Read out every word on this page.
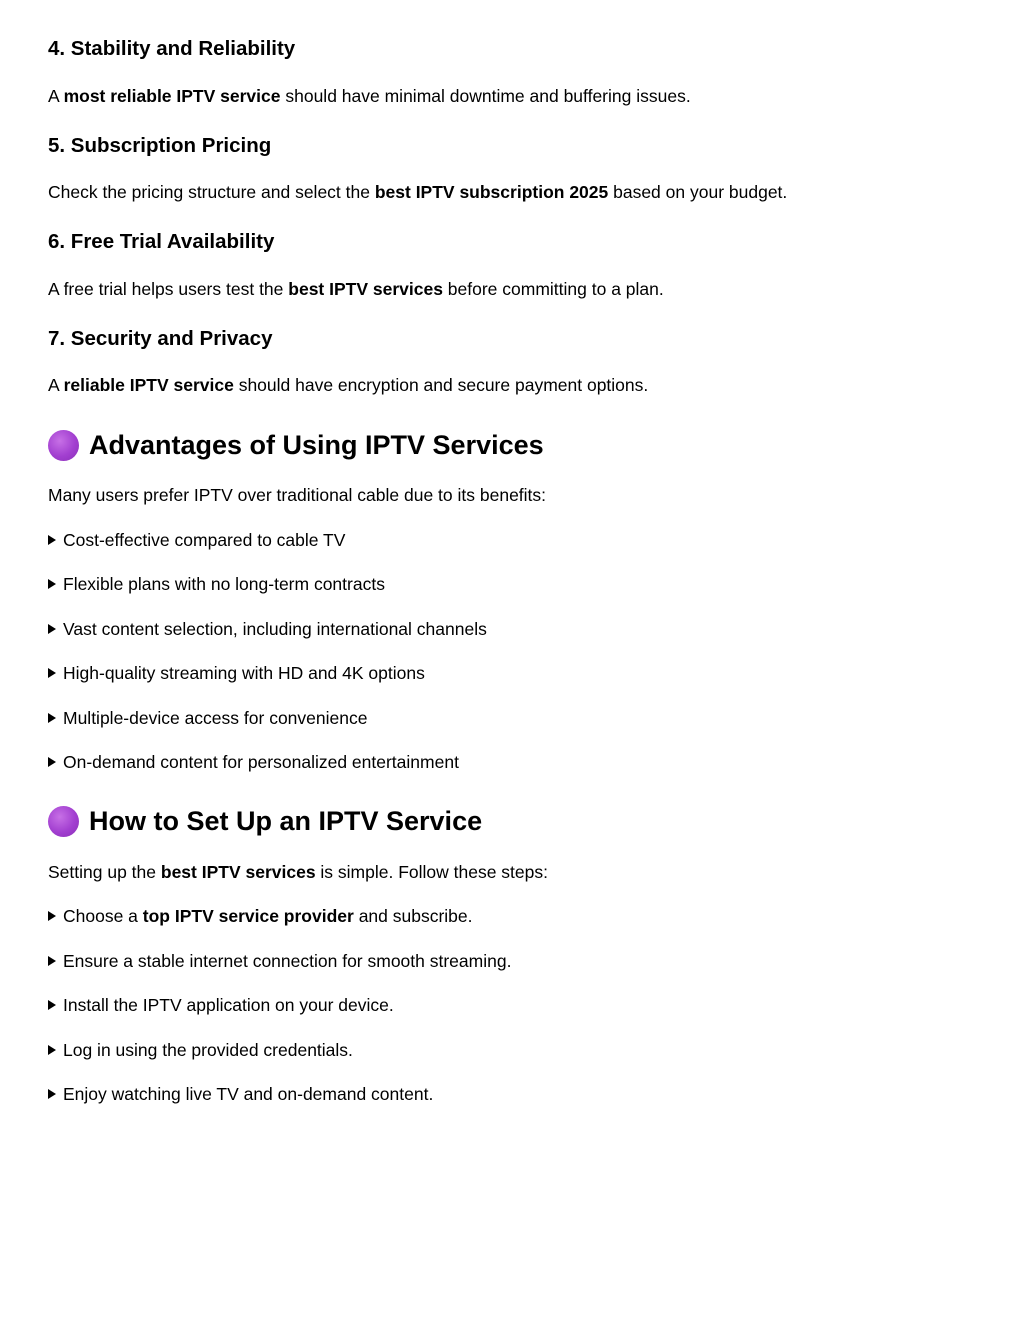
4. Stability and Reliability
A most reliable IPTV service should have minimal downtime and buffering issues.
5. Subscription Pricing
Check the pricing structure and select the best IPTV subscription 2025 based on your budget.
6. Free Trial Availability
A free trial helps users test the best IPTV services before committing to a plan.
7. Security and Privacy
A reliable IPTV service should have encryption and secure payment options.
Advantages of Using IPTV Services
Many users prefer IPTV over traditional cable due to its benefits:
Cost-effective compared to cable TV
Flexible plans with no long-term contracts
Vast content selection, including international channels
High-quality streaming with HD and 4K options
Multiple-device access for convenience
On-demand content for personalized entertainment
How to Set Up an IPTV Service
Setting up the best IPTV services is simple. Follow these steps:
Choose a top IPTV service provider and subscribe.
Ensure a stable internet connection for smooth streaming.
Install the IPTV application on your device.
Log in using the provided credentials.
Enjoy watching live TV and on-demand content.
